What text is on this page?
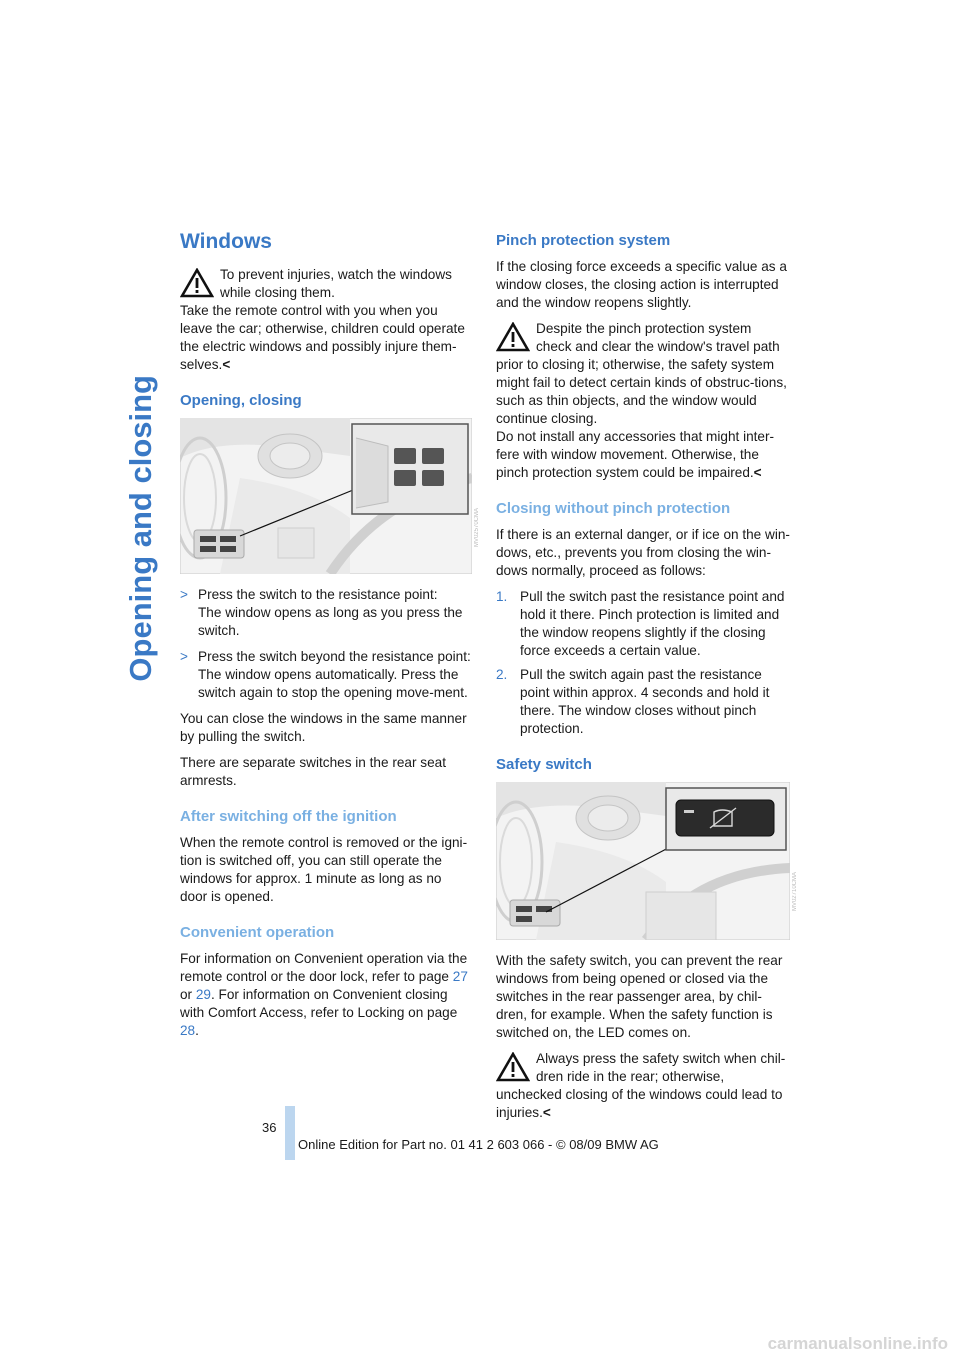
Opening and closing
Windows
To prevent injuries, watch the windows while closing them.
Take the remote control with you when you leave the car; otherwise, children could operate the electric windows and possibly injure them-selves.<
Opening, closing
MV02570CMA
> Press the switch to the resistance point:
The window opens as long as you press the switch.
> Press the switch beyond the resistance point:
The window opens automatically. Press the switch again to stop the opening move-ment.

You can close the windows in the same manner by pulling the switch.

There are separate switches in the rear seat armrests.

After switching off the ignition

When the remote control is removed or the igni-tion is switched off, you can still operate the windows for approx. 1 minute as long as no door is opened.

Convenient operation

For information on Convenient operation via the remote control or the door lock, refer to page 27 or 29. For information on Convenient closing with Comfort Access, refer to Locking on page 28.

Pinch protection system

If the closing force exceeds a specific value as a window closes, the closing action is interrupted and the window reopens slightly.

Despite the pinch protection system check and clear the window's travel path prior to closing it; otherwise, the safety system might fail to detect certain kinds of obstruc-tions, such as thin objects, and the window would continue closing.
Do not install any accessories that might inter-fere with window movement. Otherwise, the pinch protection system could be impaired.<
Closing without pinch protection

If there is an external danger, or if ice on the win-dows, etc., prevents you from closing the win-dows normally, proceed as follows:

1. Pull the switch past the resistance point and hold it there. Pinch protection is limited and the window reopens slightly if the closing force exceeds a certain value.
2. Pull the switch again past the resistance point within approx. 4 seconds and hold it there. The window closes without pinch protection.
Safety switch
MV02710CMA

With the safety switch, you can prevent the rear windows from being opened or closed via the switches in the rear passenger area, by chil-dren, for example. When the safety function is switched on, the LED comes on.

Always press the safety switch when chil-dren ride in the rear; otherwise, unchecked closing of the windows could lead to injuries.<
36
Online Edition for Part no. 01 41 2 603 066 - © 08/09 BMW AG
carmanualsonline.info
